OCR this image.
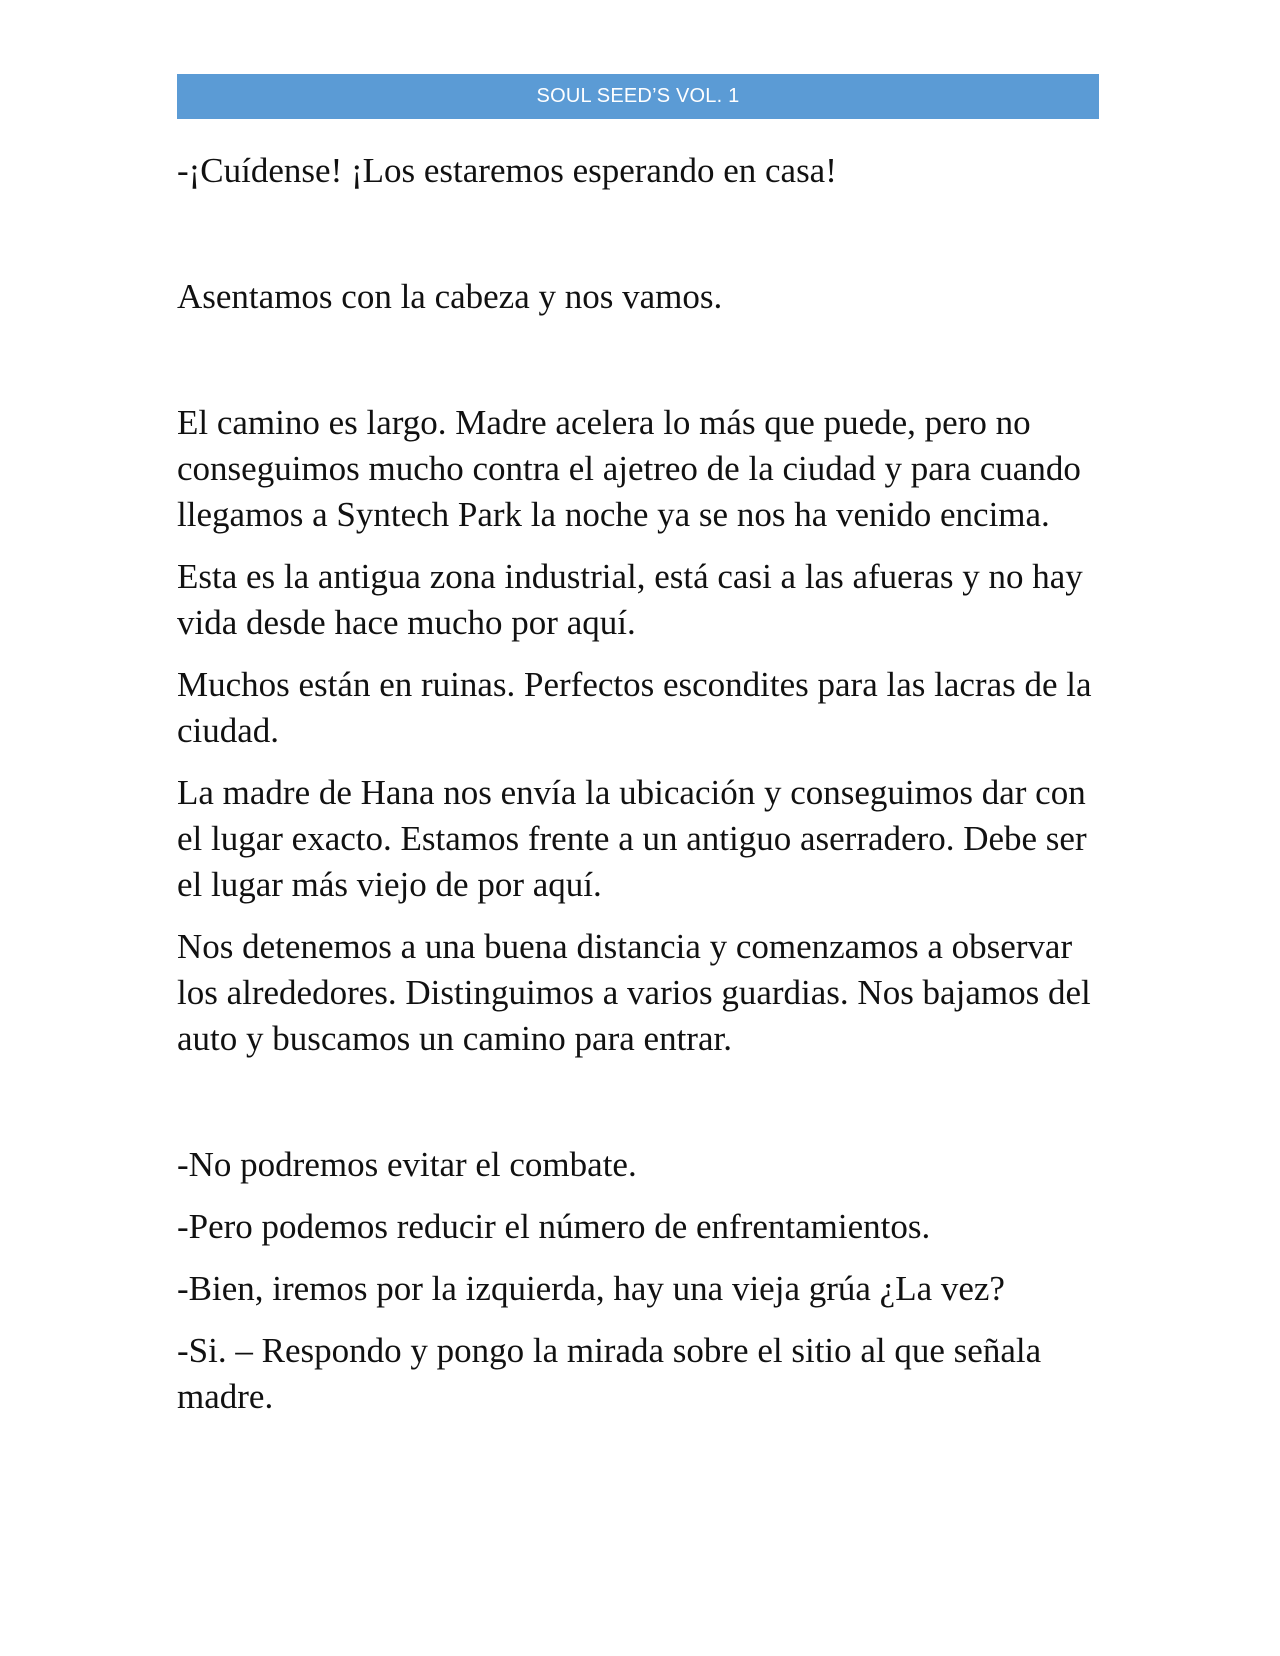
SOUL SEED’S VOL. 1

-¡Cuídense! ¡Los estaremos esperando en casa!

Asentamos con la cabeza y nos vamos.

El camino es largo. Madre acelera lo más que puede, pero no conseguimos mucho contra el ajetreo de la ciudad y para cuando llegamos a Syntech Park la noche ya se nos ha venido encima.

Esta es la antigua zona industrial, está casi a las afueras y no hay vida desde hace mucho por aquí.

Muchos están en ruinas. Perfectos escondites para las lacras de la ciudad.

La madre de Hana nos envía la ubicación y conseguimos dar con el lugar exacto. Estamos frente a un antiguo aserradero. Debe ser el lugar más viejo de por aquí.

Nos detenemos a una buena distancia y comenzamos a observar los alrededores. Distinguimos a varios guardias. Nos bajamos del auto y buscamos un camino para entrar.

-No podremos evitar el combate.

-Pero podemos reducir el número de enfrentamientos.

-Bien, iremos por la izquierda, hay una vieja grúa ¿La vez?

-Si. – Respondo y pongo la mirada sobre el sitio al que señala madre.
